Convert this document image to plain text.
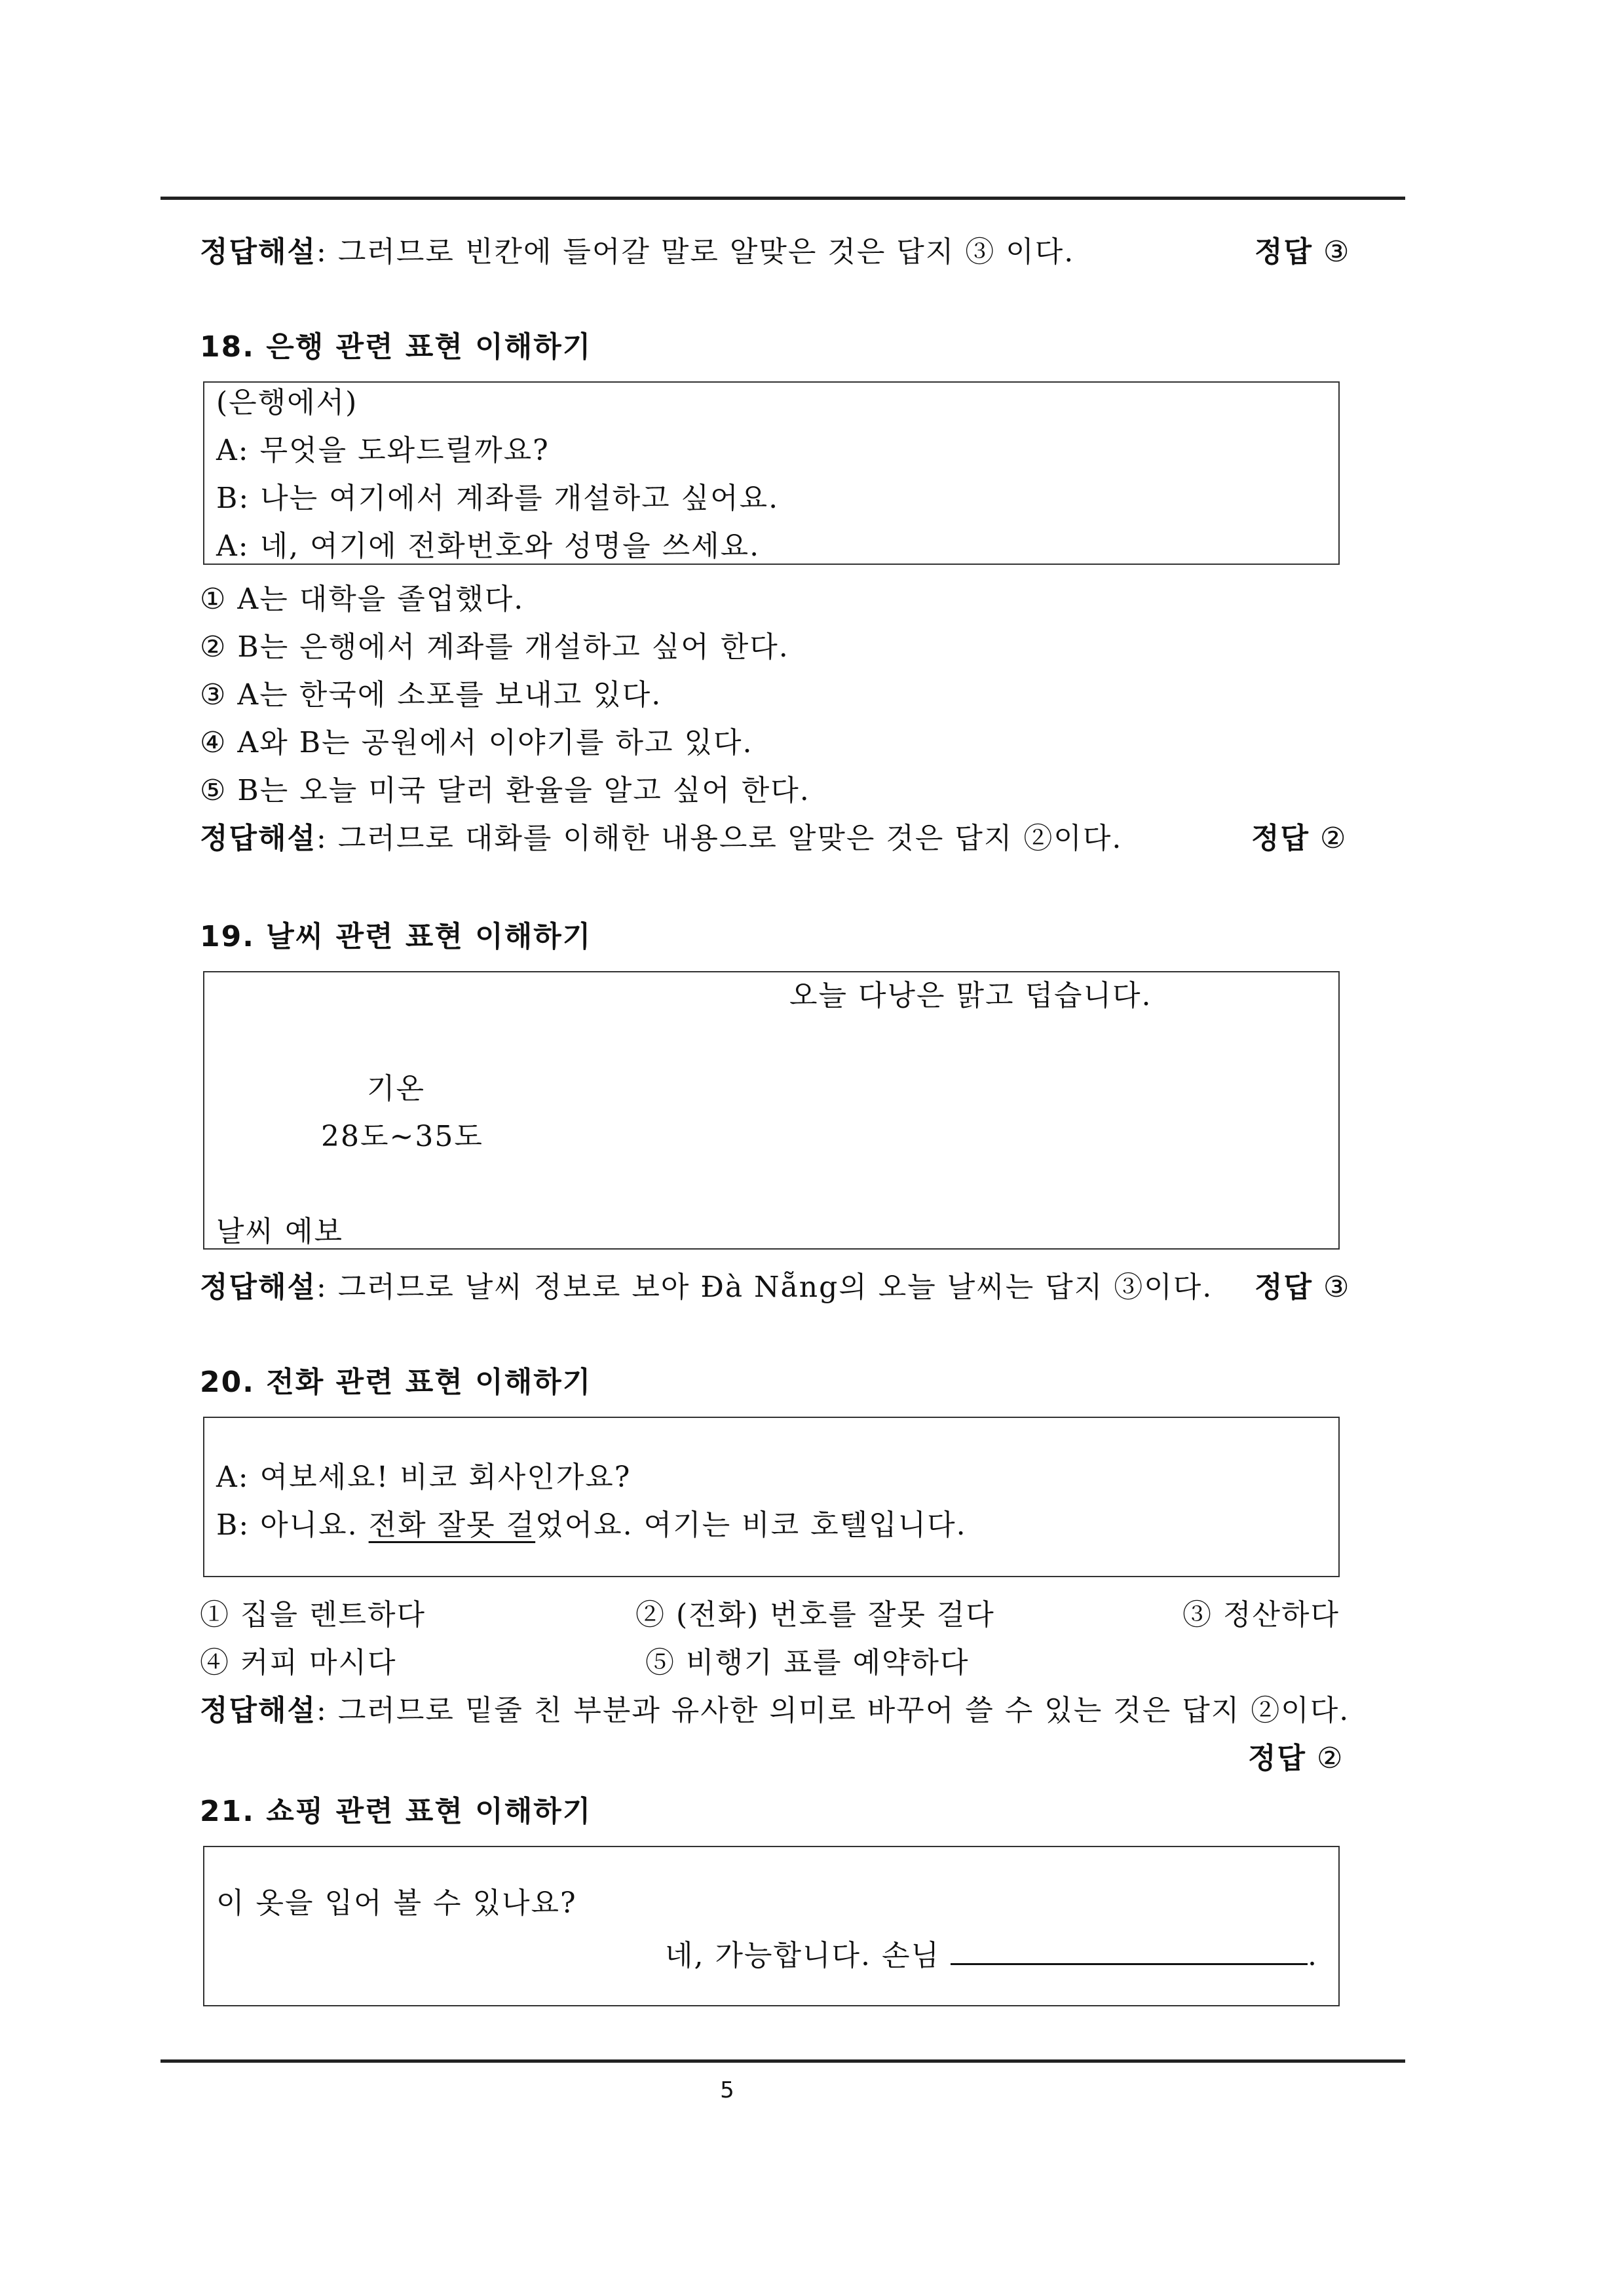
정답해설: 그러므로 빈칸에 들어갈 말로 알맞은 것은 답지 ③ 이다.	정답 ③
18. 은행 관련 표현 이해하기
(은행에서)
A: 무엇을 도와드릴까요?
B: 나는 여기에서 계좌를 개설하고 싶어요.
A: 네, 여기에 전화번호와 성명을 쓰세요.
① A는 대학을 졸업했다.
② B는 은행에서 계좌를 개설하고 싶어 한다.
③ A는 한국에 소포를 보내고 있다.
④ A와 B는 공원에서 이야기를 하고 있다.
⑤ B는 오늘 미국 달러 환율을 알고 싶어 한다.
정답해설: 그러므로 대화를 이해한 내용으로 알맞은 것은 답지 ②이다.	정답 ②
19. 날씨 관련 표현 이해하기
오늘 다낭은 맑고 덥습니다.
기온
28도~35도
날씨 예보
정답해설: 그러므로 날씨 정보로 보아 Đà Nẵng의 오늘 날씨는 답지 ③이다. 정답 ③
20. 전화 관련 표현 이해하기
A: 여보세요! 비코 회사인가요?
B: 아니요. 전화 잘못 걸었어요. 여기는 비코 호텔입니다.
① 집을 렌트하다	② (전화) 번호를 잘못 걸다	③ 정산하다
④ 커피 마시다	⑤ 비행기 표를 예약하다
정답해설: 그러므로 밑줄 친 부분과 유사한 의미로 바꾸어 쓸 수 있는 것은 답지 ②이다.
정답 ②
21. 쇼핑 관련 표현 이해하기
이 옷을 입어 볼 수 있나요?
네, 가능합니다. 손님	.
5
